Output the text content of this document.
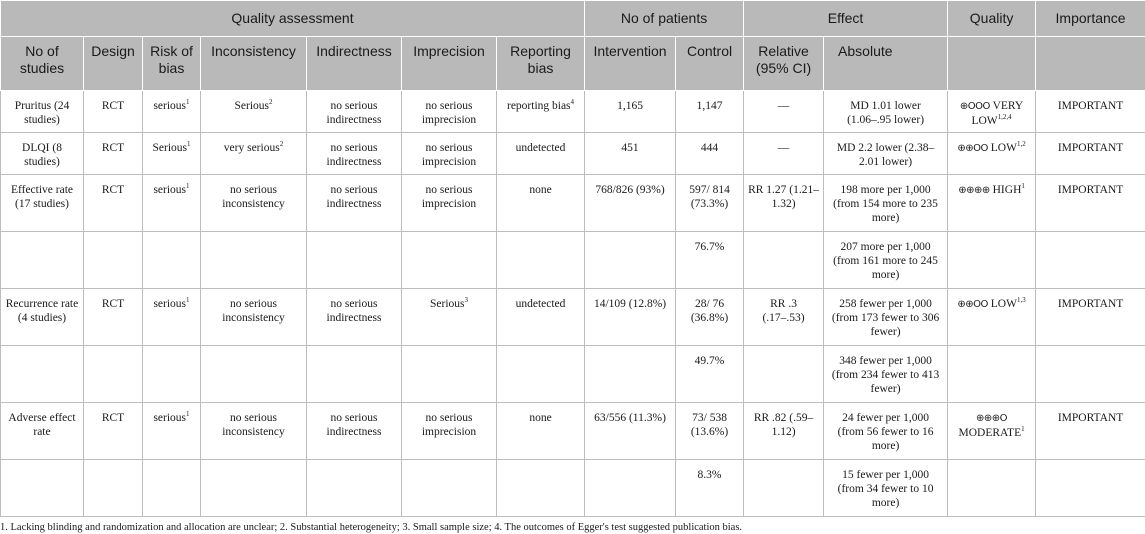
Quality assessment							No of patients		Effect		Quality	Importance
No of studies	Design	Risk of bias	Inconsistency	Indirectness	Imprecision	Reporting bias	Intervention	Control	Relative (95% CI)	Absolute		
Pruritus (24 studies)	RCT	serious$^1$	Serious$^2$	no serious indirectness	no serious imprecision	reporting bias$^4$	1,165	1,147	—	MD 1.01 lower (1.06–.95 lower)	⊕OOO VERY LOW$^{1,2,4}$	IMPORTANT
DLQI (8 studies)	RCT	Serious$^1$	very serious$^2$	no serious indirectness	no serious imprecision	undetected	451	444	—	MD 2.2 lower (2.38–2.01 lower)	⊕⊕OO LOW$^{1,2}$	IMPORTANT
Effective rate (17 studies)	RCT	serious$^1$	no serious inconsistency	no serious indirectness	no serious imprecision	none	768/826 (93%)	597/ 814 (73.3%)	RR 1.27 (1.21–1.32)	198 more per 1,000 (from 154 more to 235 more)	⊕⊕⊕⊕ HIGH$^1$	IMPORTANT
								76.7%		207 more per 1,000 (from 161 more to 245 more)		
Recurrence rate (4 studies)	RCT	serious$^1$	no serious inconsistency	no serious indirectness	Serious$^3$	undetected	14/109 (12.8%)	28/ 76 (36.8%)	RR .3 (.17–.53)	258 fewer per 1,000 (from 173 fewer to 306 fewer)	⊕⊕OO LOW$^{1,3}$	IMPORTANT
								49.7%		348 fewer per 1,000 (from 234 fewer to 413 fewer)		
Adverse effect rate	RCT	serious$^1$	no serious inconsistency	no serious indirectness	no serious imprecision	none	63/556 (11.3%)	73/ 538 (13.6%)	RR .82 (.59–1.12)	24 fewer per 1,000 (from 56 fewer to 16 more)	⊕⊕⊕O MODERATE$^1$	IMPORTANT
								8.3%		15 fewer per 1,000 (from 34 fewer to 10 more)		

1. Lacking blinding and randomization and allocation are unclear; 2. Substantial heterogeneity; 3. Small sample size; 4. The outcomes of Egger's test suggested publication bias.
